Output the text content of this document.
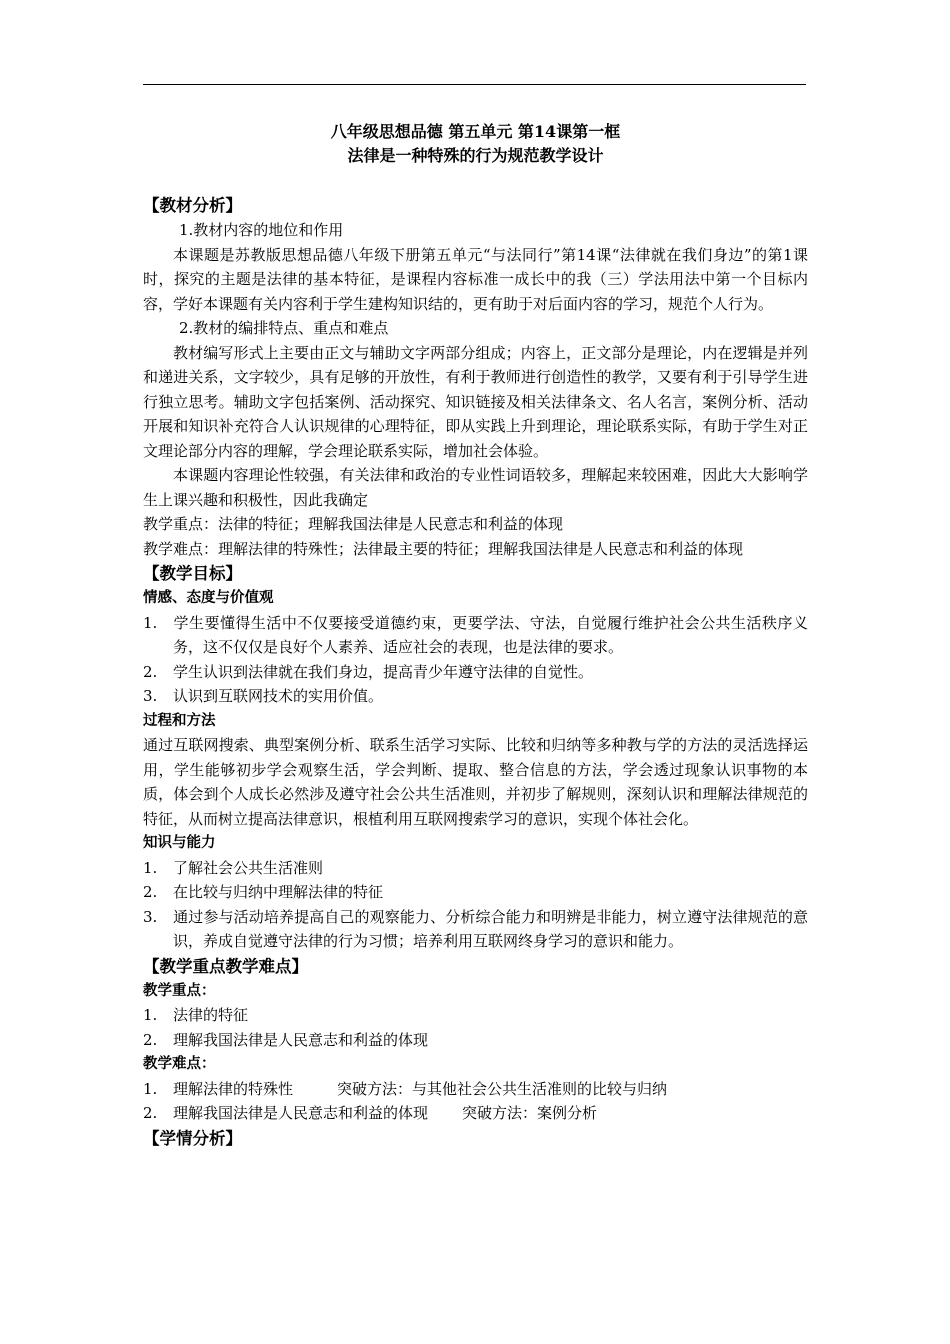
八年级思想品德 第五单元 第14课第一框

法律是一种特殊的行为规范教学设计

【教材分析】

1.教材内容的地位和作用

本课题是苏教版思想品德八年级下册第五单元“与法同行”第14课“法律就在我们身边”的第1课时，探究的主题是法律的基本特征，是课程内容标准一成长中的我（三）学法用法中第一个目标内容，学好本课题有关内容利于学生建构知识结的，更有助于对后面内容的学习，规范个人行为。

2.教材的编排特点、重点和难点

教材编写形式上主要由正文与辅助文字两部分组成；内容上，正文部分是理论，内在逻辑是并列和递进关系，文字较少，具有足够的开放性，有利于教师进行创造性的教学，又要有利于引导学生进行独立思考。辅助文字包括案例、活动探究、知识链接及相关法律条文、名人名言，案例分析、活动开展和知识补充符合人认识规律的心理特征，即从实践上升到理论，理论联系实际，有助于学生对正文理论部分内容的理解，学会理论联系实际，增加社会体验。

本课题内容理论性较强，有关法律和政治的专业性词语较多，理解起来较困难，因此大大影响学生上课兴趣和积极性，因此我确定

教学重点：法律的特征；理解我国法律是人民意志和利益的体现

教学难点：理解法律的特殊性；法律最主要的特征；理解我国法律是人民意志和利益的体现

【教学目标】

情感、态度与价值观

1. 学生要懂得生活中不仅要接受道德约束，更要学法、守法，自觉履行维护社会公共生活秩序义务，这不仅仅是良好个人素养、适应社会的表现，也是法律的要求。

2. 学生认识到法律就在我们身边，提高青少年遵守法律的自觉性。

3. 认识到互联网技术的实用价值。

过程和方法

通过互联网搜索、典型案例分析、联系生活学习实际、比较和归纳等多种教与学的方法的灵活选择运用，学生能够初步学会观察生活，学会判断、提取、整合信息的方法，学会透过现象认识事物的本质，体会到个人成长必然涉及遵守社会公共生活准则，并初步了解规则，深刻认识和理解法律规范的特征，从而树立提高法律意识，根植利用互联网搜索学习的意识，实现个体社会化。

知识与能力

1. 了解社会公共生活准则

2. 在比较与归纳中理解法律的特征

3. 通过参与活动培养提高自己的观察能力、分析综合能力和明辨是非能力，树立遵守法律规范的意识，养成自觉遵守法律的行为习惯；培养利用互联网终身学习的意识和能力。

【教学重点教学难点】

教学重点：

1. 法律的特征

2. 理解我国法律是人民意志和利益的体现

教学难点：

1. 理解法律的特殊性	突破方法：与其他社会公共生活准则的比较与归纳

2. 理解我国法律是人民意志和利益的体现 突破方法：案例分析

【学情分析】
